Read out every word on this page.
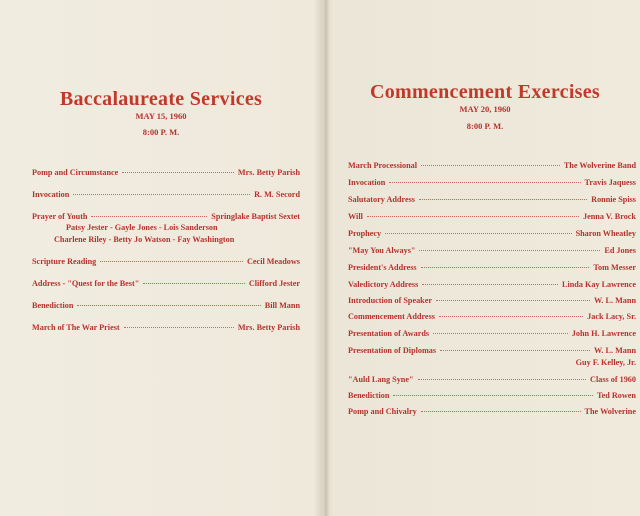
Baccalaureate Services
MAY 15, 1960
8:00 P. M.
Pomp and Circumstance	Mrs. Betty Parish
Invocation	R. M. Secord
Prayer of Youth	Springlake Baptist Sextet
Patsy Jester - Gayle Jones - Lois Sanderson
Charlene Riley - Betty Jo Watson - Fay Washington
Scripture Reading	Cecil Meadows
Address - "Quest for the Best"	Clifford Jester
Benediction	Bill Mann
March of The War Priest	Mrs. Betty Parish
Commencement Exercises
MAY 20, 1960
8:00 P. M.
March Processional	The Wolverine Band
Invocation	Travis Jaquess
Salutatory Address	Ronnie Spiss
Will	Jenna V. Brock
Prophecy	Sharon Wheatley
"May You Always"	Ed Jones
President's Address	Tom Messer
Valedictory Address	Linda Kay Lawrence
Introduction of Speaker	W. L. Mann
Commencement Address	Jack Lacy, Sr.
Presentation of Awards	John H. Lawrence
Presentation of Diplomas	W. L. Mann
Guy F. Kelley, Jr.
"Auld Lang Syne"	Class of 1960
Benediction	Ted Rowen
Pomp and Chivalry	The Wolverine
